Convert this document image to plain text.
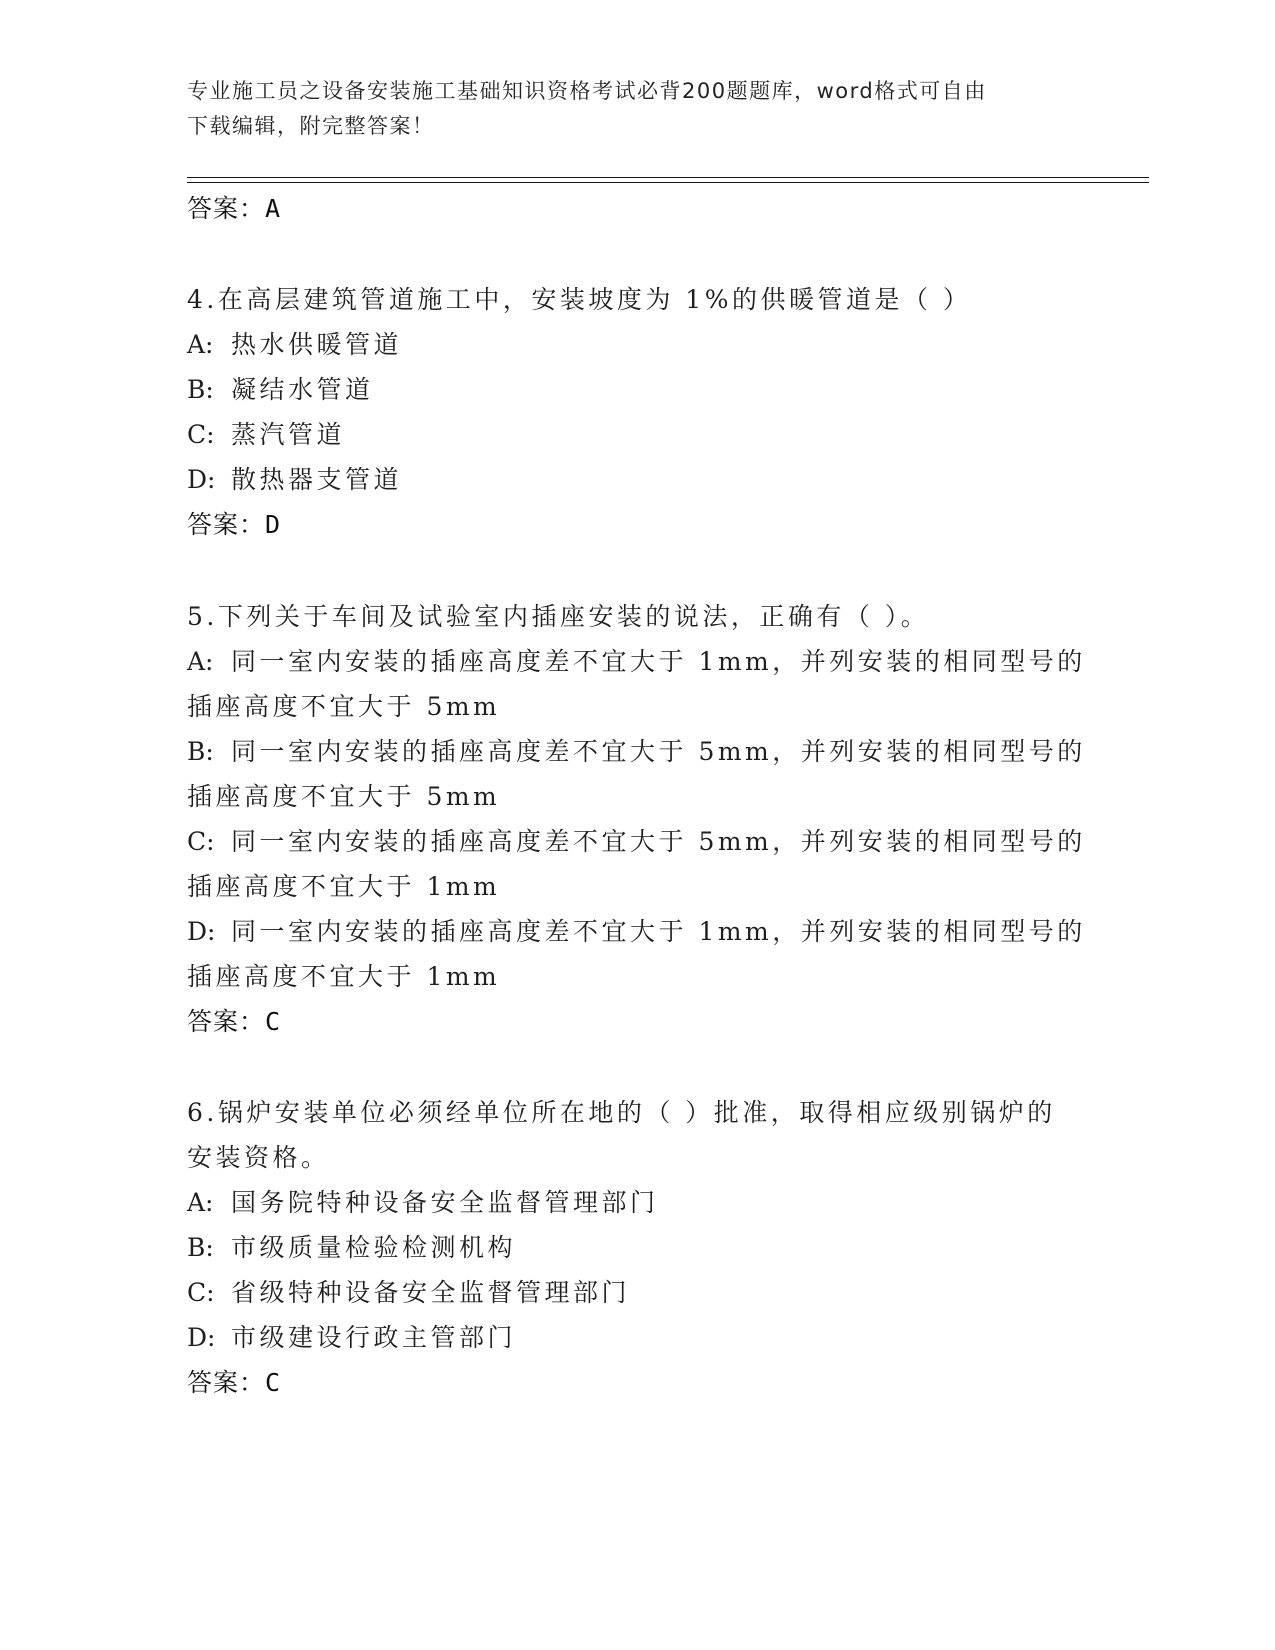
专业施工员之设备安装施工基础知识资格考试必背200题题库，word格式可自由
下载编辑，附完整答案！
答案：A
4.在高层建筑管道施工中，安装坡度为 1%的供暖管道是（ ）
A: 热水供暖管道
B: 凝结水管道
C: 蒸汽管道
D: 散热器支管道
答案：D
5.下列关于车间及试验室内插座安装的说法，正确有（ ）。
A: 同一室内安装的插座高度差不宜大于 1mm，并列安装的相同型号的
插座高度不宜大于 5mm
B: 同一室内安装的插座高度差不宜大于 5mm，并列安装的相同型号的
插座高度不宜大于 5mm
C: 同一室内安装的插座高度差不宜大于 5mm，并列安装的相同型号的
插座高度不宜大于 1mm
D: 同一室内安装的插座高度差不宜大于 1mm，并列安装的相同型号的
插座高度不宜大于 1mm
答案：C
6.锅炉安装单位必须经单位所在地的（ ）批准，取得相应级别锅炉的
安装资格。
A: 国务院特种设备安全监督管理部门
B: 市级质量检验检测机构
C: 省级特种设备安全监督管理部门
D: 市级建设行政主管部门
答案：C
